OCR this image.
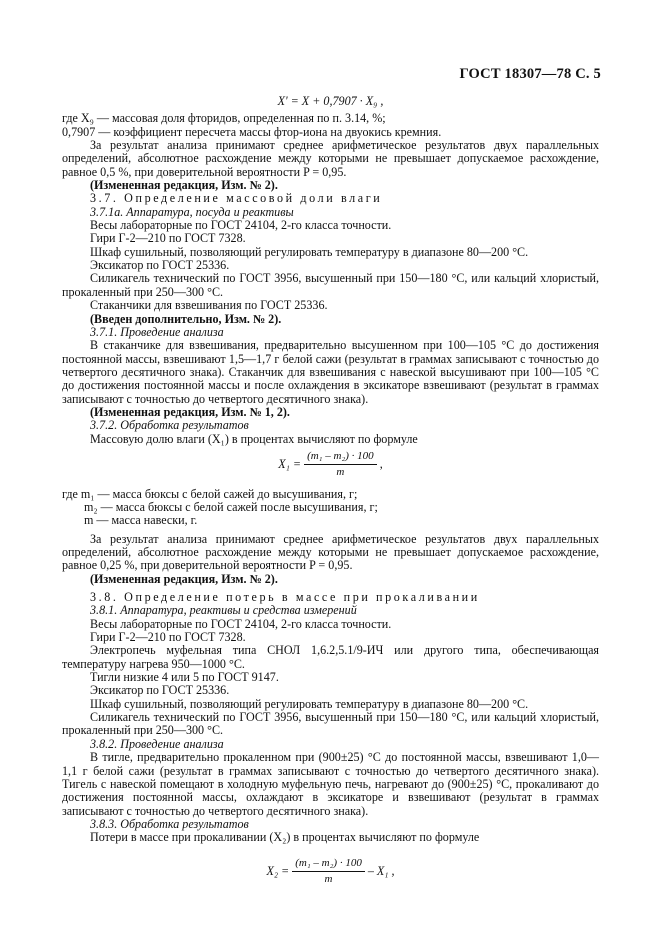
ГОСТ 18307—78 С. 5

X' = X + 0,7907 · X₉ ,

где X₉ — массовая доля фторидов, определенная по п. 3.14, %;

0,7907 — коэффициент пересчета массы фтор-иона на двуокись кремния.

За результат анализа принимают среднее арифметическое результатов двух параллельных определений, абсолютное расхождение между которыми не превышает допускаемое расхождение, равное 0,5 %, при доверительной вероятности P = 0,95.

(Измененная редакция, Изм. № 2).

3.7. Определение массовой доли влаги

3.7.1а. Аппаратура, посуда и реактивы

Весы лабораторные по ГОСТ 24104, 2-го класса точности.

Гири Г-2—210 по ГОСТ 7328.

Шкаф сушильный, позволяющий регулировать температуру в диапазоне 80—200 °С.

Эксикатор по ГОСТ 25336.

Силикагель технический по ГОСТ 3956, высушенный при 150—180 °С, или кальций хлористый, прокаленный при 250—300 °С.

Стаканчики для взвешивания по ГОСТ 25336.

(Введен дополнительно, Изм. № 2).

3.7.1. Проведение анализа

В стаканчике для взвешивания, предварительно высушенном при 100—105 °С до достижения постоянной массы, взвешивают 1,5—1,7 г белой сажи (результат в граммах записывают с точностью до четвертого десятичного знака). Стаканчик для взвешивания с навеской высушивают при 100—105 °С до достижения постоянной массы и после охлаждения в эксикаторе взвешивают (результат в граммах записывают с точностью до четвертого десятичного знака).

(Измененная редакция, Изм. № 1, 2).

3.7.2. Обработка результатов

Массовую долю влаги (X₁) в процентах вычисляют по формуле

$X_1 = \frac{\text{(m₁ – m₂) · 100}}{m}$ ,

где m₁ — масса бюксы с белой сажей до высушивания, г;

m₂ — масса бюксы с белой сажей после высушивания, г;

m — масса навески, г.

За результат анализа принимают среднее арифметическое результатов двух параллельных определений, абсолютное расхождение между которыми не превышает допускаемое расхождение, равное 0,25 %, при доверительной вероятности P = 0,95.

(Измененная редакция, Изм. № 2).

3.8. Определение потерь в массе при прокаливании

3.8.1. Аппаратура, реактивы и средства измерений

Весы лабораторные по ГОСТ 24104, 2-го класса точности.

Гири Г-2—210 по ГОСТ 7328.

Электропечь муфельная типа СНОЛ 1,6.2,5.1/9-ИЧ или другого типа, обеспечивающая температуру нагрева 950—1000 °С.

Тигли низкие 4 или 5 по ГОСТ 9147.

Эксикатор по ГОСТ 25336.

Шкаф сушильный, позволяющий регулировать температуру в диапазоне 80—200 °С.

Силикагель технический по ГОСТ 3956, высушенный при 150—180 °С, или кальций хлористый, прокаленный при 250—300 °С.

3.8.2. Проведение анализа

В тигле, предварительно прокаленном при (900±25) °С до постоянной массы, взвешивают 1,0—1,1 г белой сажи (результат в граммах записывают с точностью до четвертого десятичного знака). Тигель с навеской помещают в холодную муфельную печь, нагревают до (900±25) °С, прокаливают до достижения постоянной массы, охлаждают в эксикаторе и взвешивают (результат в граммах записывают с точностью до четвертого десятичного знака).

3.8.3. Обработка результатов

Потери в массе при прокаливании (X₂) в процентах вычисляют по формуле

$X_2 = \frac{\text{(m₁ – m₂) · 100}}{m} - X_1$ ,
